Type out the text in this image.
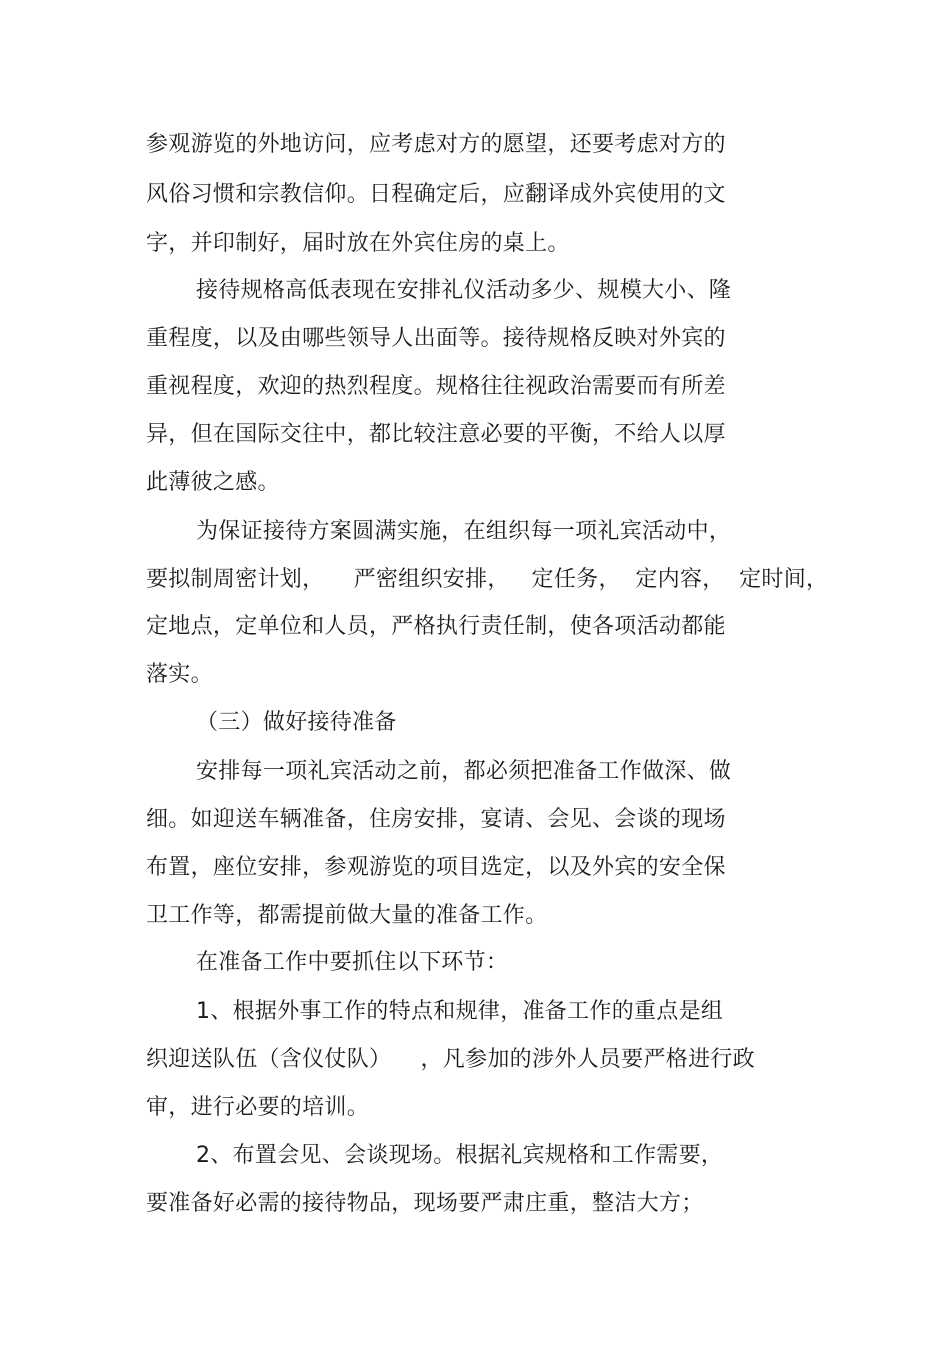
参观游览的外地访问，应考虑对方的愿望，还要考虑对方的
风俗习惯和宗教信仰。日程确定后，应翻译成外宾使用的文
字，并印制好，届时放在外宾住房的桌上。
接待规格高低表现在安排礼仪活动多少、规模大小、隆
重程度，以及由哪些领导人出面等。接待规格反映对外宾的
重视程度，欢迎的热烈程度。规格往往视政治需要而有所差
异，但在国际交往中，都比较注意必要的平衡，不给人以厚
此薄彼之感。
为保证接待方案圆满实施，在组织每一项礼宾活动中，
要拟制周密计划，    严密组织安排，   定任务，  定内容，  定时间，
定地点，定单位和人员，严格执行责任制，使各项活动都能
落实。
（三）做好接待准备
安排每一项礼宾活动之前，都必须把准备工作做深、做
细。如迎送车辆准备，住房安排，宴请、会见、会谈的现场
布置，座位安排，参观游览的项目选定，以及外宾的安全保
卫工作等，都需提前做大量的准备工作。
在准备工作中要抓住以下环节：
1、根据外事工作的特点和规律，准备工作的重点是组
织迎送队伍（含仪仗队）    ，凡参加的涉外人员要严格进行政
审，进行必要的培训。
2、布置会见、会谈现场。根据礼宾规格和工作需要，
要准备好必需的接待物品，现场要严肃庄重，整洁大方；
